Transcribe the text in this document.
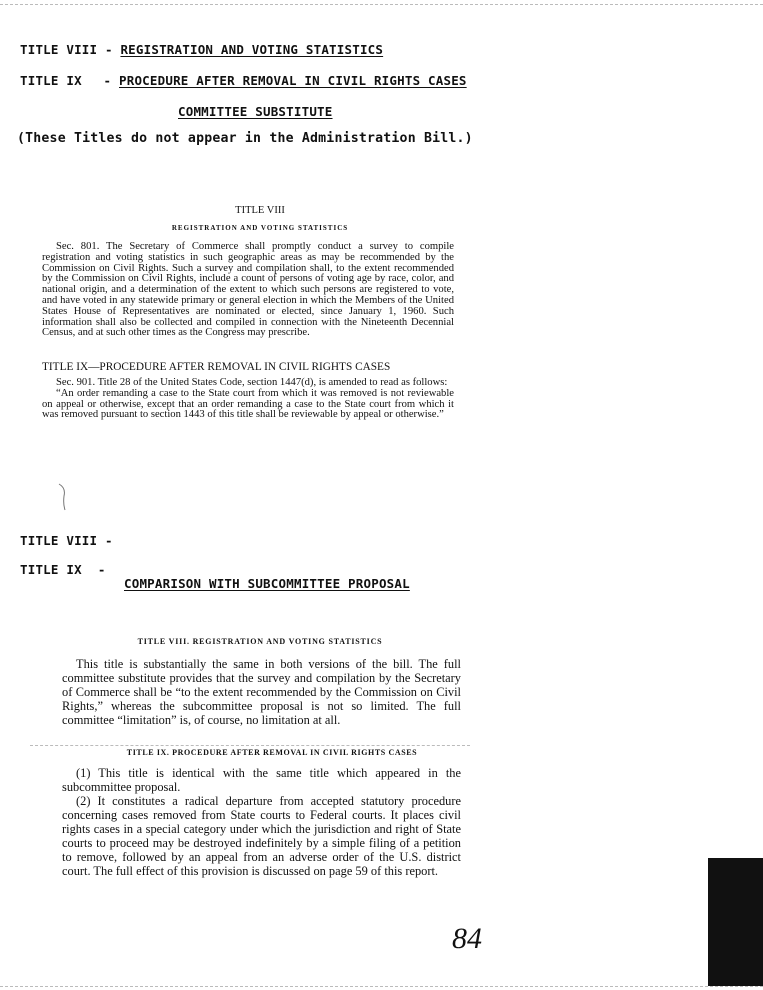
TITLE VIII - REGISTRATION AND VOTING STATISTICS
TITLE IX - PROCEDURE AFTER REMOVAL IN CIVIL RIGHTS CASES
COMMITTEE SUBSTITUTE
(These Titles do not appear in the Administration Bill.)
TITLE VIII
REGISTRATION AND VOTING STATISTICS

Sec. 801. The Secretary of Commerce shall promptly conduct a survey to compile registration and voting statistics in such geographic areas as may be recommended by the Commission on Civil Rights. Such a survey and compilation shall, to the extent recommended by the Commission on Civil Rights, include a count of persons of voting age by race, color, and national origin, and a determination of the extent to which such persons are registered to vote, and have voted in any statewide primary or general election in which the Members of the United States House of Representatives are nominated or elected, since January 1, 1960. Such information shall also be collected and compiled in connection with the Nineteenth Decennial Census, and at such other times as the Congress may prescribe.

TITLE IX—PROCEDURE AFTER REMOVAL IN CIVIL RIGHTS CASES

Sec. 901. Title 28 of the United States Code, section 1447(d), is amended to read as follows:

“An order remanding a case to the State court from which it was removed is not reviewable on appeal or otherwise, except that an order remanding a case to the State court from which it was removed pursuant to section 1443 of this title shall be reviewable by appeal or otherwise.”

TITLE VIII -
TITLE IX -
COMPARISON WITH SUBCOMMITTEE PROPOSAL
TITLE VIII. REGISTRATION AND VOTING STATISTICS

This title is substantially the same in both versions of the bill. The full committee substitute provides that the survey and compilation by the Secretary of Commerce shall be “to the extent recommended by the Commission on Civil Rights,” whereas the subcommittee proposal is not so limited. The full committee “limitation” is, of course, no limitation at all.

TITLE IX. PROCEDURE AFTER REMOVAL IN CIVIL RIGHTS CASES

(1) This title is identical with the same title which appeared in the subcommittee proposal.

(2) It constitutes a radical departure from accepted statutory procedure concerning cases removed from State courts to Federal courts. It places civil rights cases in a special category under which the jurisdiction and right of State courts to proceed may be destroyed indefinitely by a simple filing of a petition to remove, followed by an appeal from an adverse order of the U.S. district court. The full effect of this provision is discussed on page 59 of this report.

84
